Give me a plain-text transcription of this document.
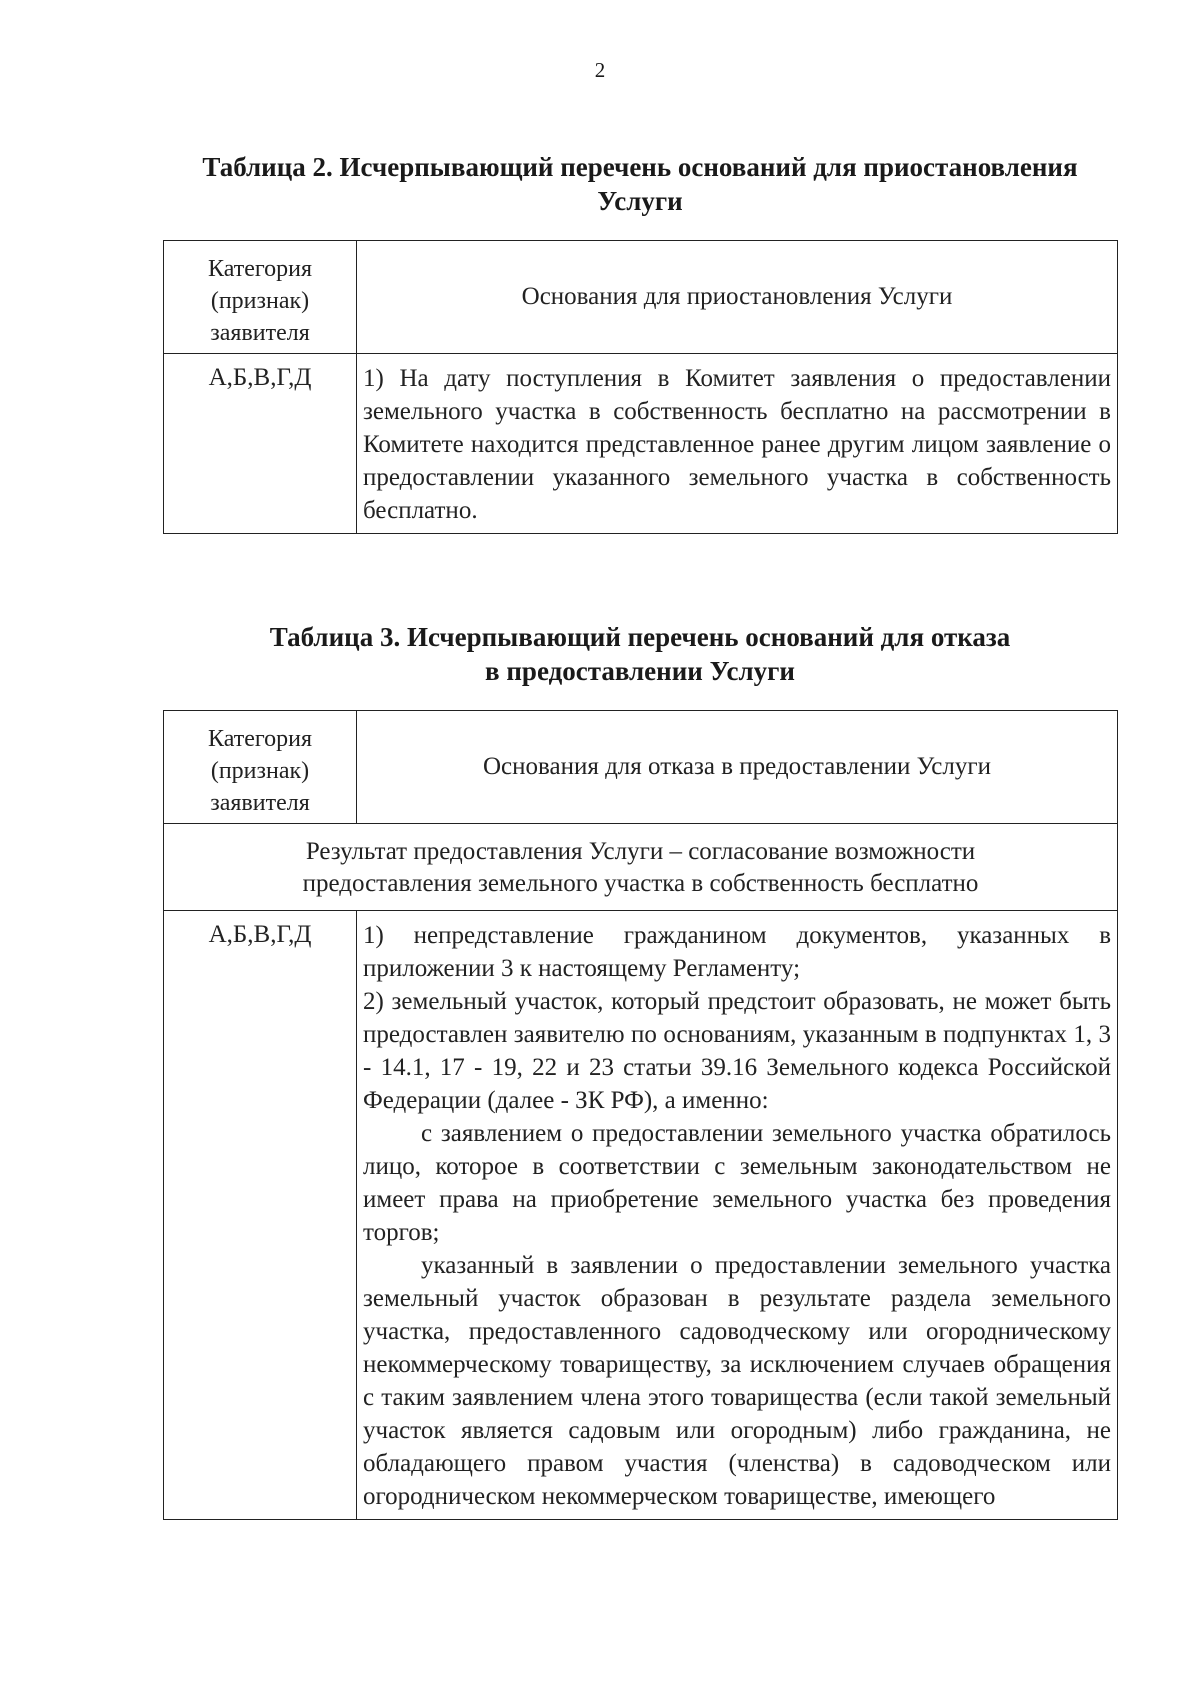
2
Таблица 2. Исчерпывающий перечень оснований для приостановления
Услуги
Категория
(признак)
заявителя	Основания для приостановления Услуги
А,Б,В,Г,Д	1) На дату поступления в Комитет заявления о предоставлении земельного участка в собственность бесплатно на рассмотрении в Комитете находится представленное ранее другим лицом заявление о предоставлении указанного земельного участка в собственность бесплатно.

Таблица 3. Исчерпывающий перечень оснований для отказа
в предоставлении Услуги
Категория
(признак)
заявителя	Основания для отказа в предоставлении Услуги

Результат предоставления Услуги – согласование возможности
предоставления земельного участка в собственность бесплатно	

А,Б,В,Г,Д	1) непредставление гражданином документов, указанных в приложении 3 к настоящему Регламенту;

2) земельный участок, который предстоит образовать, не может быть предоставлен заявителю по основаниям, указанным в подпунктах 1, 3 - 14.1, 17 - 19, 22 и 23 статьи 39.16 Земельного кодекса Российской Федерации (далее - ЗК РФ), а именно:

с заявлением о предоставлении земельного участка обратилось лицо, которое в соответствии с земельным законодательством не имеет права на приобретение земельного участка без проведения торгов;

указанный в заявлении о предоставлении земельного участка земельный участок образован в результате раздела земельного участка, предоставленного садоводческому или огородническому некоммерческому товариществу, за исключением случаев обращения с таким заявлением члена этого товарищества (если такой земельный участок является садовым или огородным) либо гражданина, не обладающего правом участия (членства) в садоводческом или огородническом некоммерческом товариществе, имеющего
